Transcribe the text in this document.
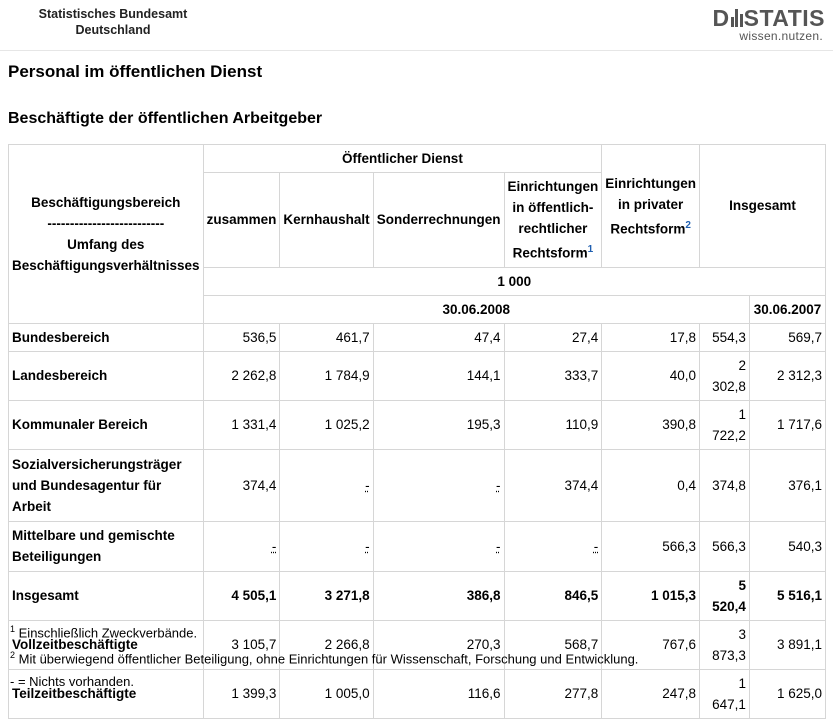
Statistisches Bundesamt
Deutschland	D STATIS
wissen.nutzen.
Personal im öffentlichen Dienst
Beschäftigte der öffentlichen Arbeitgeber
Beschäftigungsbereich
--------------------------
Umfang des
Beschäftigungsverhältnisses	Öffentlicher Dienst				Einrichtungen in privater Rechtsform$^2$	Insgesamt	
	zusammen	Kernhaushalt	Sonderrechnungen	Einrichtungen in öffentlich-rechtlicher Rechtsform$^1$
	1 000						
	30.06.2008						30.06.2007
Bundesbereich	536,5	461,7	47,4	27,4	17,8	554,3	569,7
Landesbereich	2 262,8	1 784,9	144,1	333,7	40,0	2 302,8	2 312,3
Kommunaler Bereich	1 331,4	1 025,2	195,3	110,9	390,8	1 722,2	1 717,6
Sozialversicherungsträger und Bundesagentur für Arbeit	374,4	-	-	374,4	0,4	374,8	376,1
Mittelbare und gemischte Beteiligungen	-	-	-	-	566,3	566,3	540,3
Insgesamt	4 505,1	3 271,8	386,8	846,5	1 015,3	5 520,4	5 516,1
Vollzeitbeschäftigte	3 105,7	2 266,8	270,3	568,7	767,6	3 873,3	3 891,1
Teilzeitbeschäftigte	1 399,3	1 005,0	116,6	277,8	247,8	1 647,1	1 625,0
$^1$ Einschließlich Zweckverbände.
$^2$ Mit überwiegend öffentlicher Beteiligung, ohne Einrichtungen für Wissenschaft, Forschung und Entwicklung.
- = Nichts vorhanden.
